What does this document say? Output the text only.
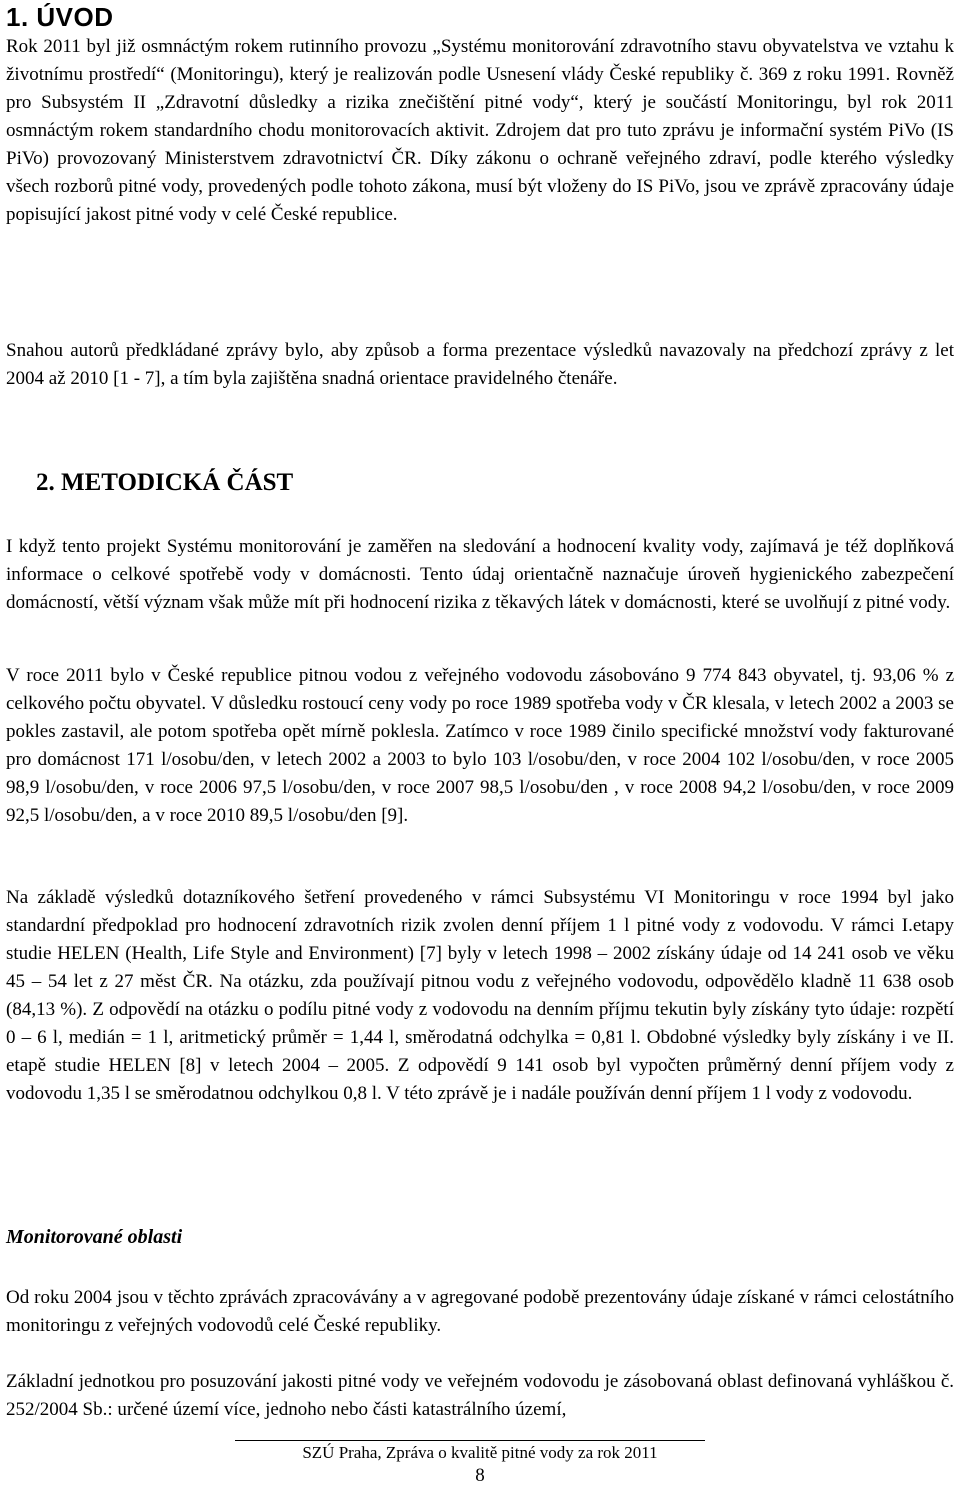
1. ÚVOD

Rok 2011 byl již osmnáctým rokem rutinního provozu „Systému monitorování zdravotního stavu obyvatelstva ve vztahu k životnímu prostředí“ (Monitoringu), který je realizován podle Usnesení vlády České republiky č. 369 z roku 1991. Rovněž pro Subsystém II „Zdravotní důsledky a rizika znečištění pitné vody“, který je součástí Monitoringu, byl rok 2011 osmnáctým rokem standardního chodu monitorovacích aktivit. Zdrojem dat pro tuto zprávu je informační systém PiVo (IS PiVo) provozovaný Ministerstvem zdravotnictví ČR. Díky zákonu o ochraně veřejného zdraví, podle kterého výsledky všech rozborů pitné vody, provedených podle tohoto zákona, musí být vloženy do IS PiVo, jsou ve zprávě zpracovány údaje popisující jakost pitné vody v celé České republice.

Snahou autorů předkládané zprávy bylo, aby způsob a forma prezentace výsledků navazovaly na předchozí zprávy z let 2004 až 2010 [1 - 7], a tím byla zajištěna snadná orientace pravidelného čtenáře.

2. METODICKÁ ČÁST

I když tento projekt Systému monitorování je zaměřen na sledování a hodnocení kvality vody, zajímavá je též doplňková informace o celkové spotřebě vody v domácnosti. Tento údaj orientačně naznačuje úroveň hygienického zabezpečení domácností, větší význam však může mít při hodnocení rizika z těkavých látek v domácnosti, které se uvolňují z pitné vody.

V roce 2011 bylo v České republice pitnou vodou z veřejného vodovodu zásobováno 9 774 843 obyvatel, tj. 93,06 % z celkového počtu obyvatel. V důsledku rostoucí ceny vody po roce 1989 spotřeba vody v ČR klesala, v letech 2002 a 2003 se pokles zastavil, ale potom spotřeba opět mírně poklesla. Zatímco v roce 1989 činilo specifické množství vody fakturované pro domácnost 171 l/osobu/den, v letech 2002 a 2003 to bylo 103 l/osobu/den, v roce 2004 102 l/osobu/den, v roce 2005 98,9 l/osobu/den, v roce 2006 97,5 l/osobu/den, v roce 2007 98,5 l/osobu/den , v roce 2008 94,2 l/osobu/den, v roce 2009 92,5 l/osobu/den, a v roce 2010 89,5 l/osobu/den [9].

Na základě výsledků dotazníkového šetření provedeného v rámci Subsystému VI Monitoringu v roce 1994 byl jako standardní předpoklad pro hodnocení zdravotních rizik zvolen denní příjem 1 l pitné vody z vodovodu. V rámci I.etapy studie HELEN (Health, Life Style and Environment) [7] byly v letech 1998 – 2002 získány údaje od 14 241 osob ve věku 45 – 54 let z 27 měst ČR. Na otázku, zda používají pitnou vodu z veřejného vodovodu, odpovědělo kladně 11 638 osob (84,13 %). Z odpovědí na otázku o podílu pitné vody z vodovodu na denním příjmu tekutin byly získány tyto údaje: rozpětí 0 – 6 l, medián = 1 l, aritmetický průměr = 1,44 l, směrodatná odchylka = 0,81 l. Obdobné výsledky byly získány i ve II. etapě studie HELEN [8] v letech 2004 – 2005. Z odpovědí 9 141 osob byl vypočten průměrný denní příjem vody z vodovodu 1,35 l se směrodatnou odchylkou 0,8 l. V této zprávě je i nadále používán denní příjem 1 l vody z vodovodu.

Monitorované oblasti

Od roku 2004 jsou v těchto zprávách zpracovávány a v agregované podobě prezentovány údaje získané v rámci celostátního monitoringu z veřejných vodovodů celé České republiky.

Základní jednotkou pro posuzování jakosti pitné vody ve veřejném vodovodu je zásobovaná oblast definovaná vyhláškou č. 252/2004 Sb.: určené území více, jednoho nebo části katastrálního území,

SZÚ Praha, Zpráva o kvalitě pitné vody za rok 2011
8
